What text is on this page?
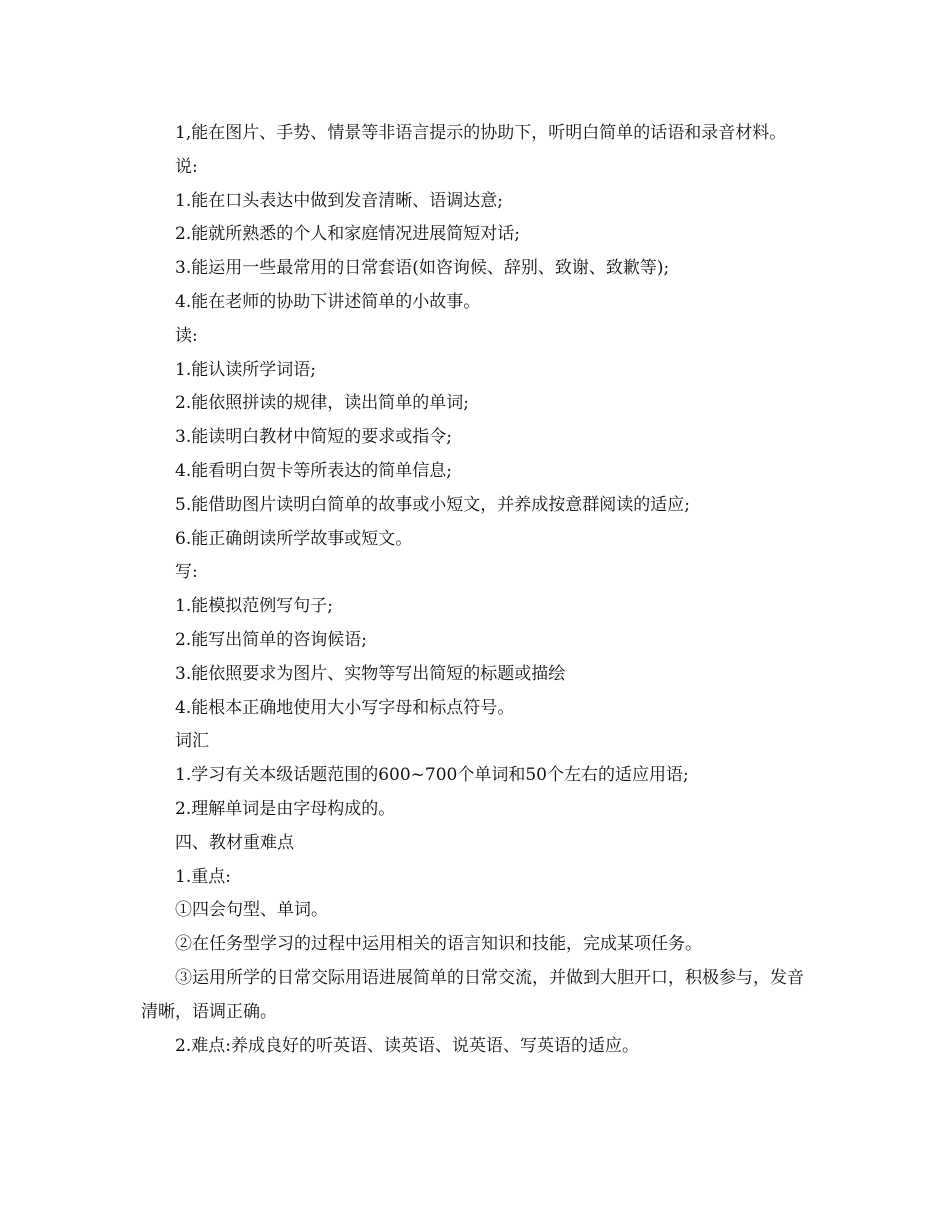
1,能在图片、手势、情景等非语言提示的协助下，听明白简单的话语和录音材料。

说:

1.能在口头表达中做到发音清晰、语调达意;

2.能就所熟悉的个人和家庭情况进展简短对话;

3.能运用一些最常用的日常套语(如咨询候、辞别、致谢、致歉等);

4.能在老师的协助下讲述简单的小故事。

读:

1.能认读所学词语;

2.能依照拼读的规律，读出简单的单词;

3.能读明白教材中简短的要求或指令;

4.能看明白贺卡等所表达的简单信息;

5.能借助图片读明白简单的故事或小短文，并养成按意群阅读的适应;

6.能正确朗读所学故事或短文。

写:

1.能模拟范例写句子;

2.能写出简单的咨询候语;

3.能依照要求为图片、实物等写出简短的标题或描绘

4.能根本正确地使用大小写字母和标点符号。

词汇

1.学习有关本级话题范围的600~700个单词和50个左右的适应用语;

2.理解单词是由字母构成的。

四、教材重难点

1.重点:

①四会句型、单词。

②在任务型学习的过程中运用相关的语言知识和技能，完成某项任务。

③运用所学的日常交际用语进展简单的日常交流，并做到大胆开口，积极参与，发音清晰，语调正确。

2.难点:养成良好的听英语、读英语、说英语、写英语的适应。
